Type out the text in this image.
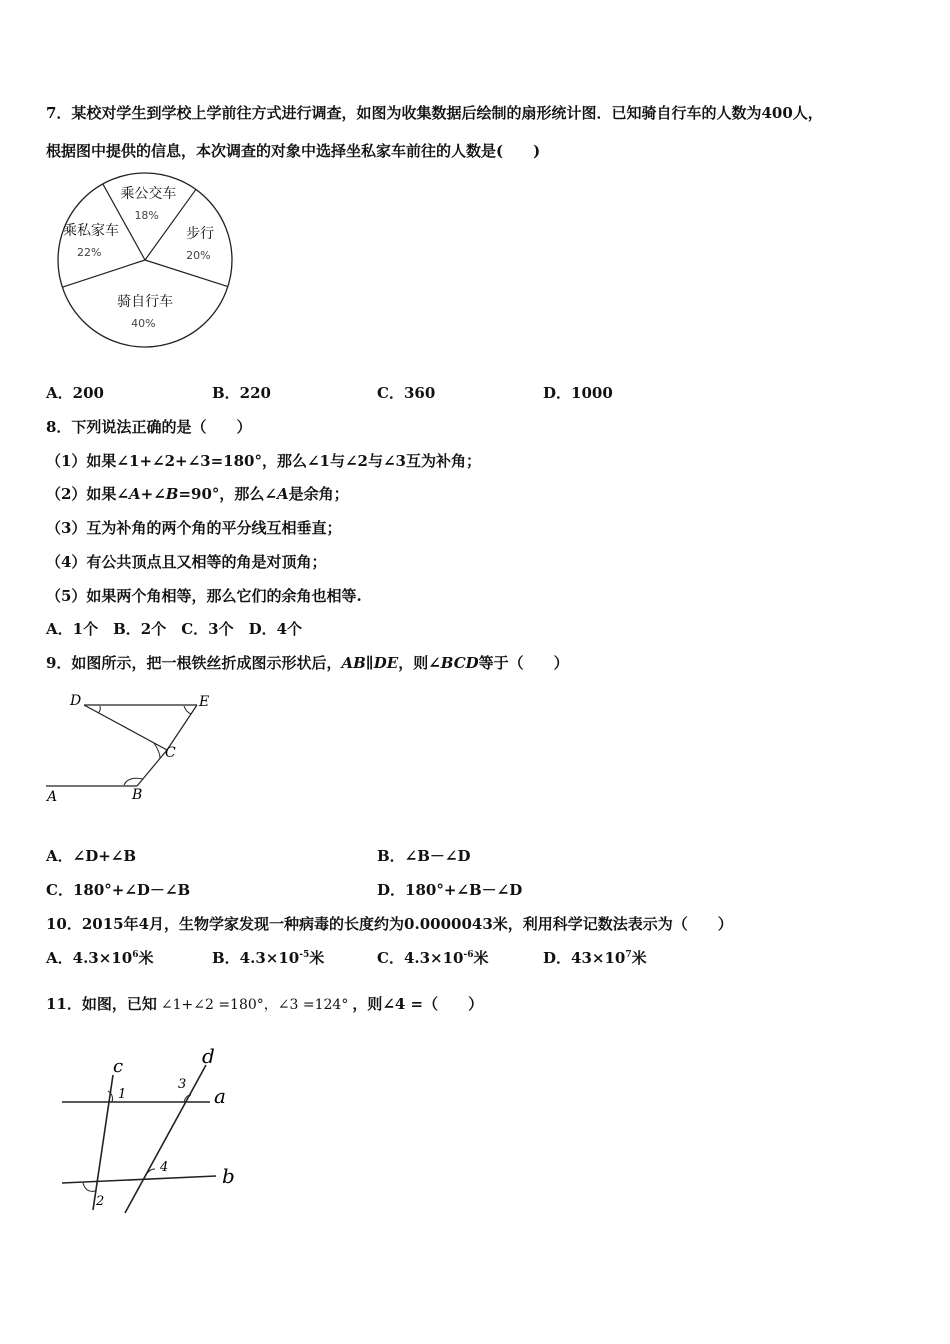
7．某校对学生到学校上学前往方式进行调查，如图为收集数据后绘制的扇形统计图．已知骑自行车的人数为400人，
根据图中提供的信息，本次调查的对象中选择坐私家车前往的人数是(　　)
乘公交车
18%
步行
20%
骑自行车
40%
乘私家车
22%
A．200	B．220	C．360	D．1000
8．下列说法正确的是（　　）
（1）如果∠1+∠2+∠3=180°，那么∠1与∠2与∠3互为补角；
（2）如果∠A+∠B=90°，那么∠A是余角；
（3）互为补角的两个角的平分线互相垂直；
（4）有公共顶点且又相等的角是对顶角；
（5）如果两个角相等，那么它们的余角也相等.
A．1个　B．2个　C．3个　D．4个
9．如图所示，把一根铁丝折成图示形状后，AB∥DE，则∠BCD等于（　　）
D	E
C
A	B
A．∠D+∠B	B．∠B－∠D
C．180°+∠D－∠B	D．180°+∠B－∠D
10．2015年4月，生物学家发现一种病毒的长度约为0.0000043米，利用科学记数法表示为（　　）
A．$4.3\times 10^6$米	B．$4.3\times 10^{-5}$米	C．$4.3\times 10^{-6}$米	D．$43\times 10^7$米
11．如图，已知 ∠1+∠2 =180°，∠3 =124° ，则∠4 =（　　）
c	d
a
b
1
3
4
2
